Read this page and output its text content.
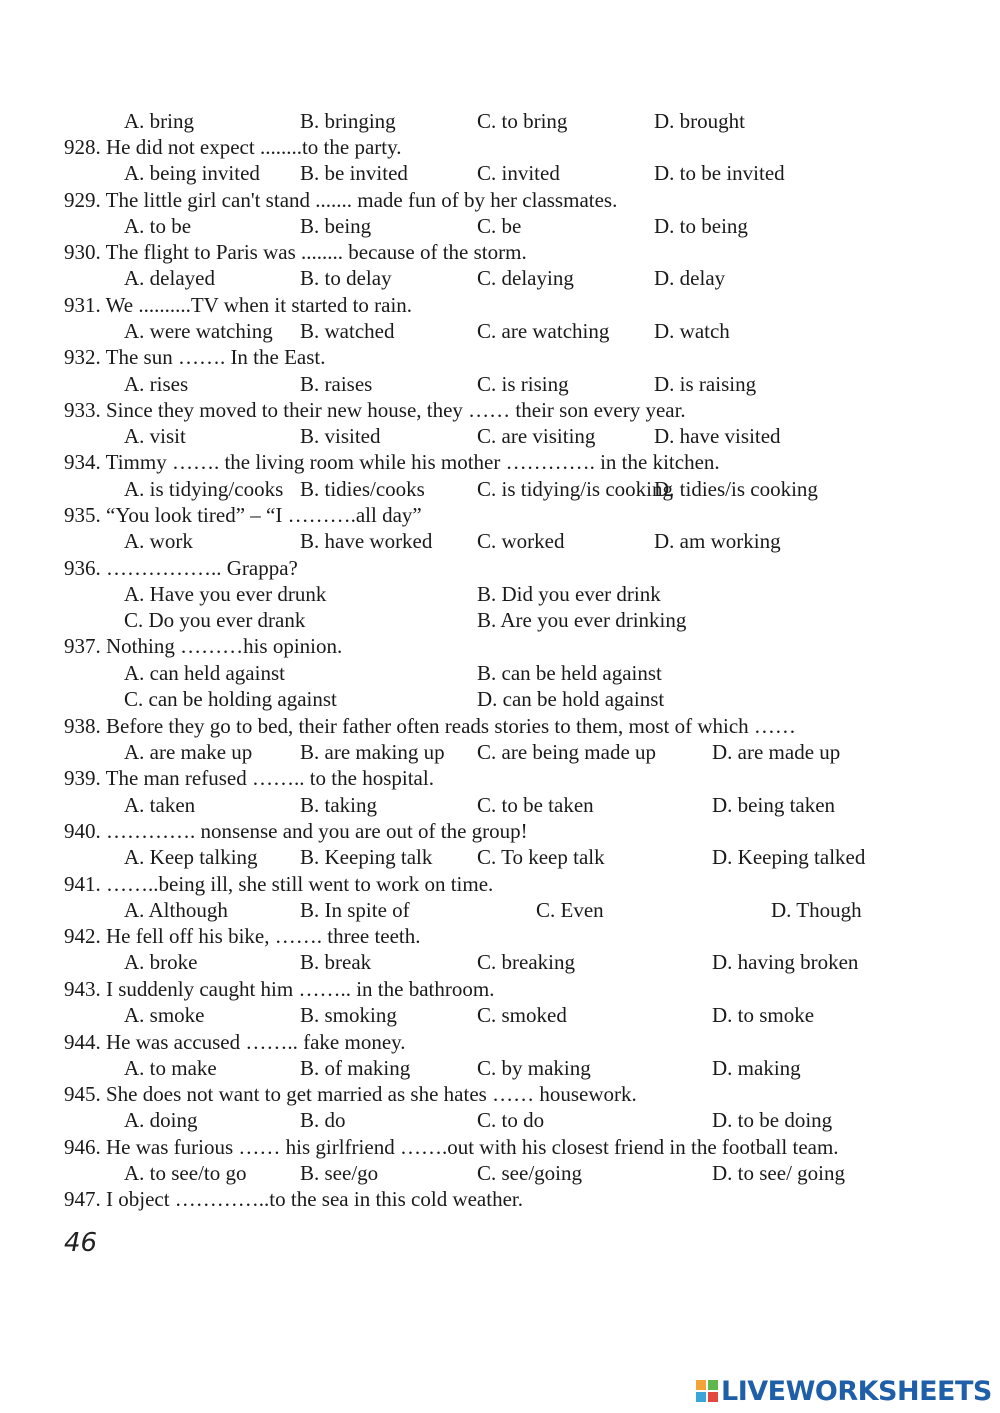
A. bring	B. bringing	C. to bring	D. brought
928. He did not expect ........to the party.
A. being invited B. be invited	C. invited	D. to be invited
929. The little girl can't stand ....... made fun of by her classmates.
A. to be	B. being	C. be	D. to being
930. The flight to Paris was ........ because of the storm.
A. delayed	B. to delay	C. delaying	D. delay
931. We ..........TV when it started to rain.
A. were watching B. watched	C. are watching D. watch
932. The sun ……. In the East.
A. rises	B. raises	C. is rising	D. is raising
933. Since they moved to their new house, they …… their son every year.
A. visit	B. visited	C. are visiting	D. have visited
934. Timmy ……. the living room while his mother …………. in the kitchen.
A. is tidying/cooks B. tidies/cooks C. is tidying/is cooking
D. tidies/is cooking
935. “You look tired” – “I ……….all day”
A. work	B. have worked C. worked	D. am working
936. …………….. Grappa?
A. Have you ever drunk	B. Did you ever drink
C. Do you ever drank	B. Are you ever drinking
937. Nothing ………his opinion.
A. can held against	B. can be held against
C. can be holding against	D. can be hold against
938. Before they go to bed, their father often reads stories to them, most of which ……
A. are make up B. are making up C. are being made up	D. are made up
939. The man refused …….. to the hospital.
A. taken	B. taking	C. to be taken	D. being taken
940. …………. nonsense and you are out of the group!
A. Keep talking B. Keeping talk C. To keep talk	D. Keeping talked
941. ……..being ill, she still went to work on time.
A. Although	B. In spite of	C. Even	D. Though
942. He fell off his bike, ……. three teeth.
A. broke	B. break	C. breaking	D. having broken
943. I suddenly caught him …….. in the bathroom.
A. smoke	B. smoking	C. smoked	D. to smoke
944. He was accused …….. fake money.
A. to make	B. of making	C. by making	D. making
945. She does not want to get married as she hates …… housework.
A. doing	B. do	C. to do	D. to be doing
946. He was furious …… his girlfriend …….out with his closest friend in the football team.
A. to see/to go	B. see/go	C. see/going	D. to see/ going
947. I object …………..to the sea in this cold weather.
46
LIVEWORKSHEETS
